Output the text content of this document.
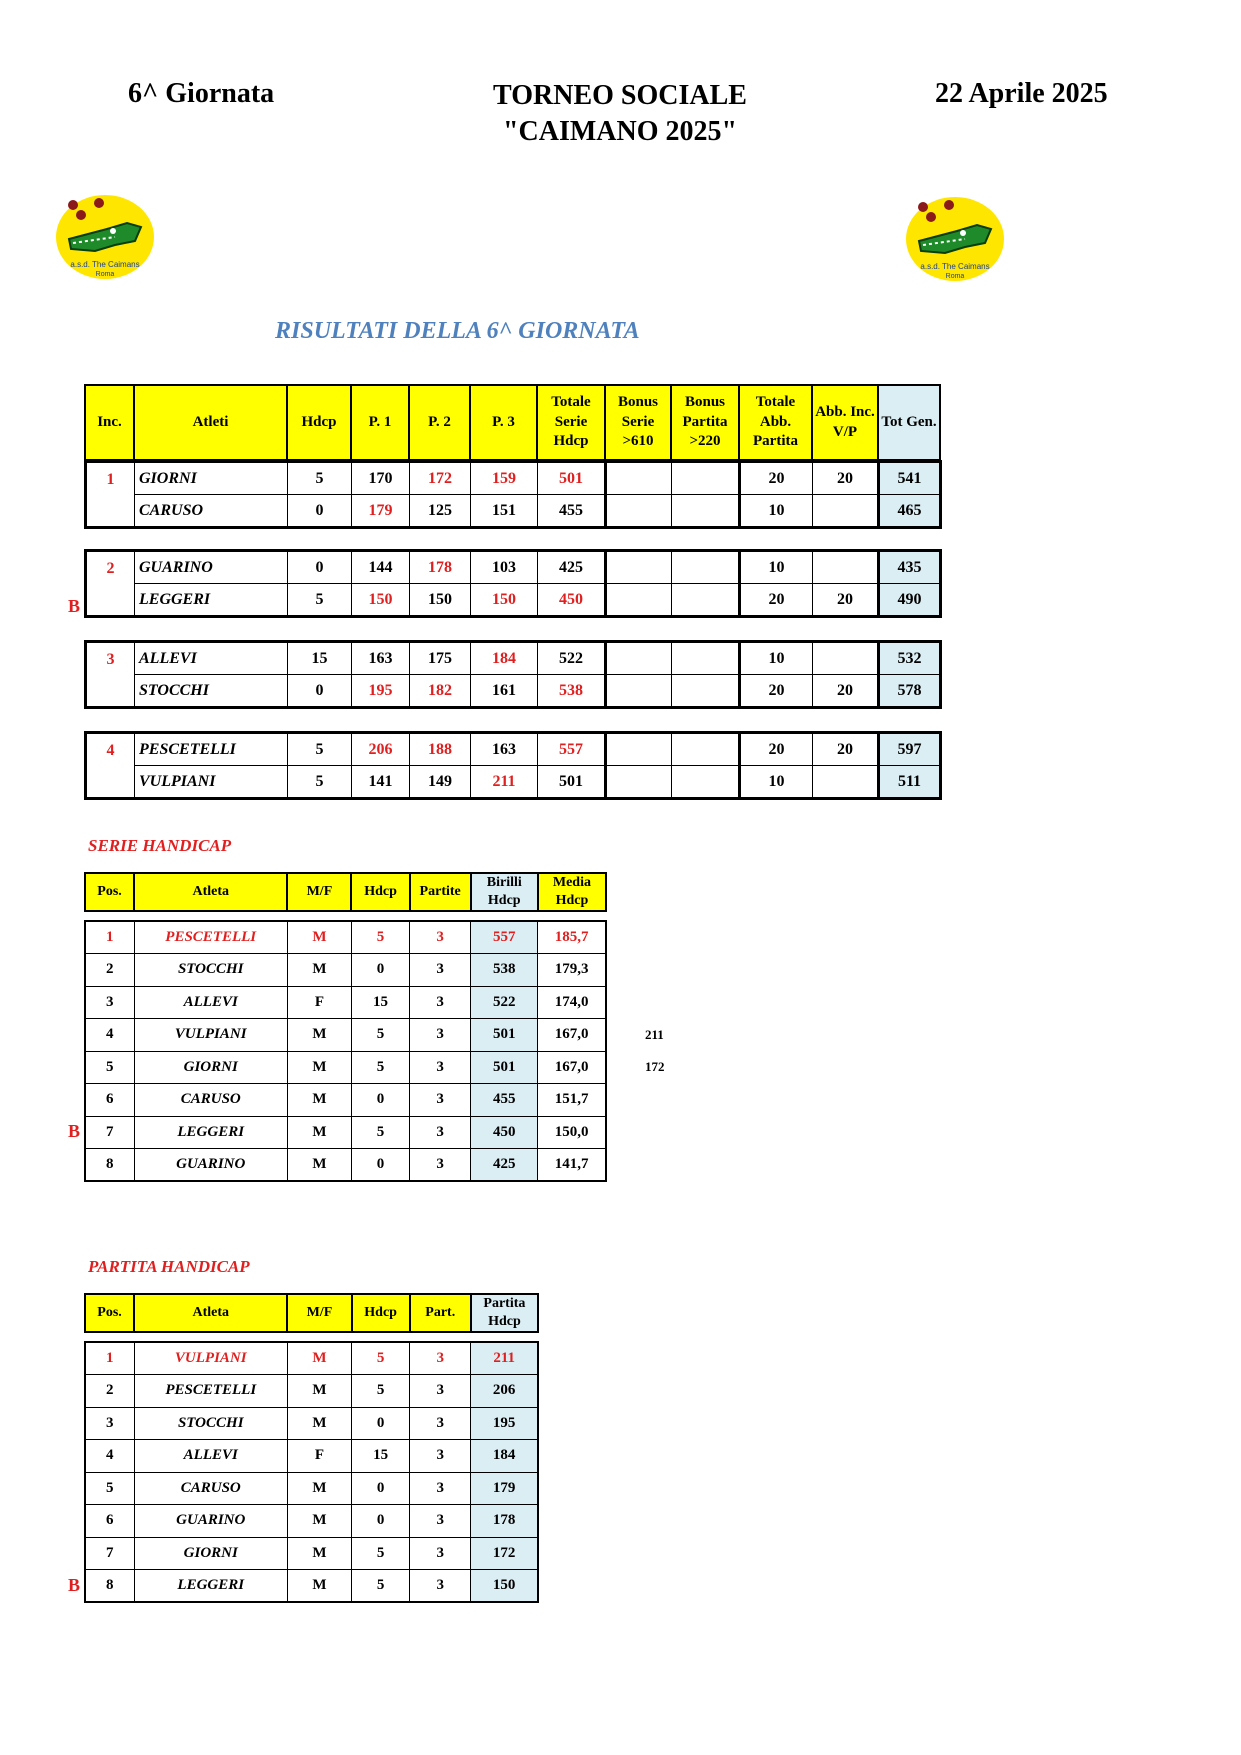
6^ Giornata	TORNEO SOCIALE
"CAIMANO 2025"
22 Aprile 2025
a.s.d. The Caimans
Roma
a.s.d. The Caimans
Roma
RISULTATI DELLA 6^ GIORNATA
Inc.	Atleti	Hdcp	P. 1	P. 2	P. 3	Totale Serie Hdcp	Bonus Serie >610	Bonus Partita >220	Totale Abb. Partita	Abb. Inc. V/P	Tot Gen.
1	GIORNI	5	170	172	159	501			20	20	541
	CARUSO	0	179	125	151	455			10		465
2	GUARINO	0	144	178	103	425			10		435
	LEGGERI	5	150	150	150	450			20	20	490
3	ALLEVI	15	163	175	184	522			10		532
	STOCCHI	0	195	182	161	538			20	20	578
4	PESCETELLI	5	206	188	163	557			20	20	597
	VULPIANI	5	141	149	211	501			10		511
B
SERIE HANDICAP
Pos.	Atleta	M/F	Hdcp	Partite	Birilli Hdcp	Media Hdcp
1	PESCETELLI	M	5	3	557	185,7
2	STOCCHI	M	0	3	538	179,3
3	ALLEVI	F	15	3	522	174,0
4	VULPIANI	M	5	3	501	167,0
5	GIORNI	M	5	3	501	167,0
6	CARUSO	M	0	3	455	151,7
7	LEGGERI	M	5	3	450	150,0
8	GUARINO	M	0	3	425	141,7
211
172
B
PARTITA HANDICAP
Pos.	Atleta	M/F	Hdcp	Part.	Partita Hdcp
1	VULPIANI	M	5	3	211
2	PESCETELLI	M	5	3	206
3	STOCCHI	M	0	3	195
4	ALLEVI	F	15	3	184
5	CARUSO	M	0	3	179
6	GUARINO	M	0	3	178
7	GIORNI	M	5	3	172
8	LEGGERI	M	5	3	150
B
